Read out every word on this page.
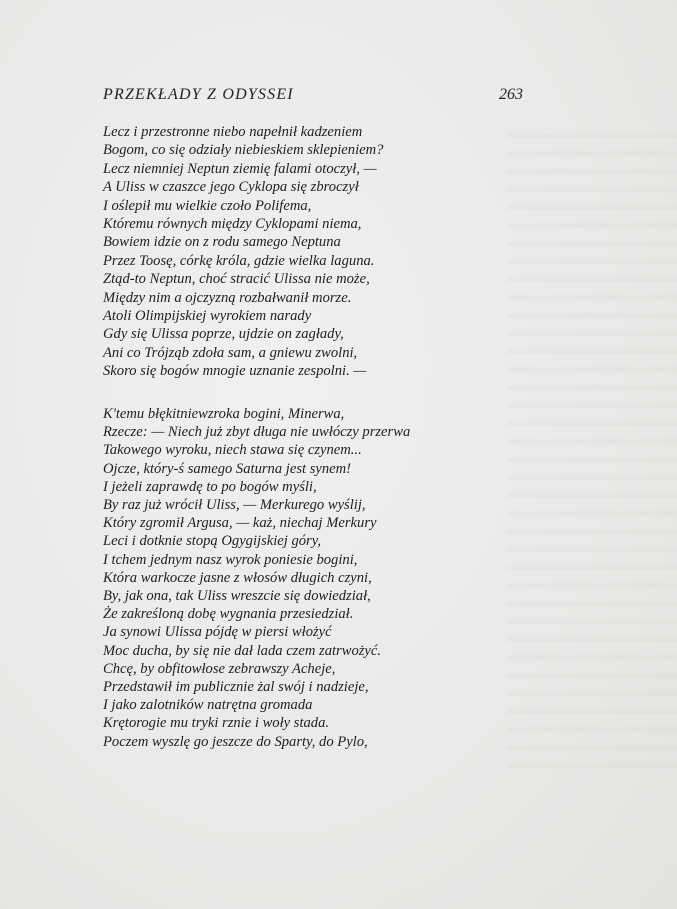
PRZEKŁADY Z ODYSSEI	263
Lecz i przestronne niebo napełnił kadzeniem
Bogom, co się odziały niebieskiem sklepieniem?
Lecz niemniej Neptun ziemię falami otoczył, —
A Uliss w czaszce jego Cyklopa się zbroczył
I oślepił mu wielkie czoło Polifema,
Któremu równych między Cyklopami niema,
Bowiem idzie on z rodu samego Neptuna
Przez Toosę, córkę króla, gdzie wielka laguna.
Ztąd-to Neptun, choć stracić Ulissa nie może,
Między nim a ojczyzną rozbałwanił morze.
Atoli Olimpijskiej wyrokiem narady
Gdy się Ulissa poprze, ujdzie on zagłady,
Ani co Trójząb zdoła sam, a gniewu zwolni,
Skoro się bogów mnogie uznanie zespolni. —
K'temu błękitniewzroka bogini, Minerwa,
Rzecze: — Niech już zbyt długa nie uwłóczy przerwa
Takowego wyroku, niech stawa się czynem...
Ojcze, który-ś samego Saturna jest synem!
I jeżeli zaprawdę to po bogów myśli,
By raz już wrócił Uliss, — Merkurego wyślij,
Który zgromił Argusa, — każ, niechaj Merkury
Leci i dotknie stopą Ogygijskiej góry,
I tchem jednym nasz wyrok poniesie bogini,
Która warkocze jasne z włosów długich czyni,
By, jak ona, tak Uliss wreszcie się dowiedział,
Że zakreśloną dobę wygnania przesiedział.
Ja synowi Ulissa pójdę w piersi włożyć
Moc ducha, by się nie dał lada czem zatrwożyć.
Chcę, by obfitowłose zebrawszy Acheje,
Przedstawił im publicznie żal swój i nadzieje,
I jako zalotników natrętna gromada
Krętorogie mu tryki rznie i woły stada.
Poczem wyszlę go jeszcze do Sparty, do Pylo,
